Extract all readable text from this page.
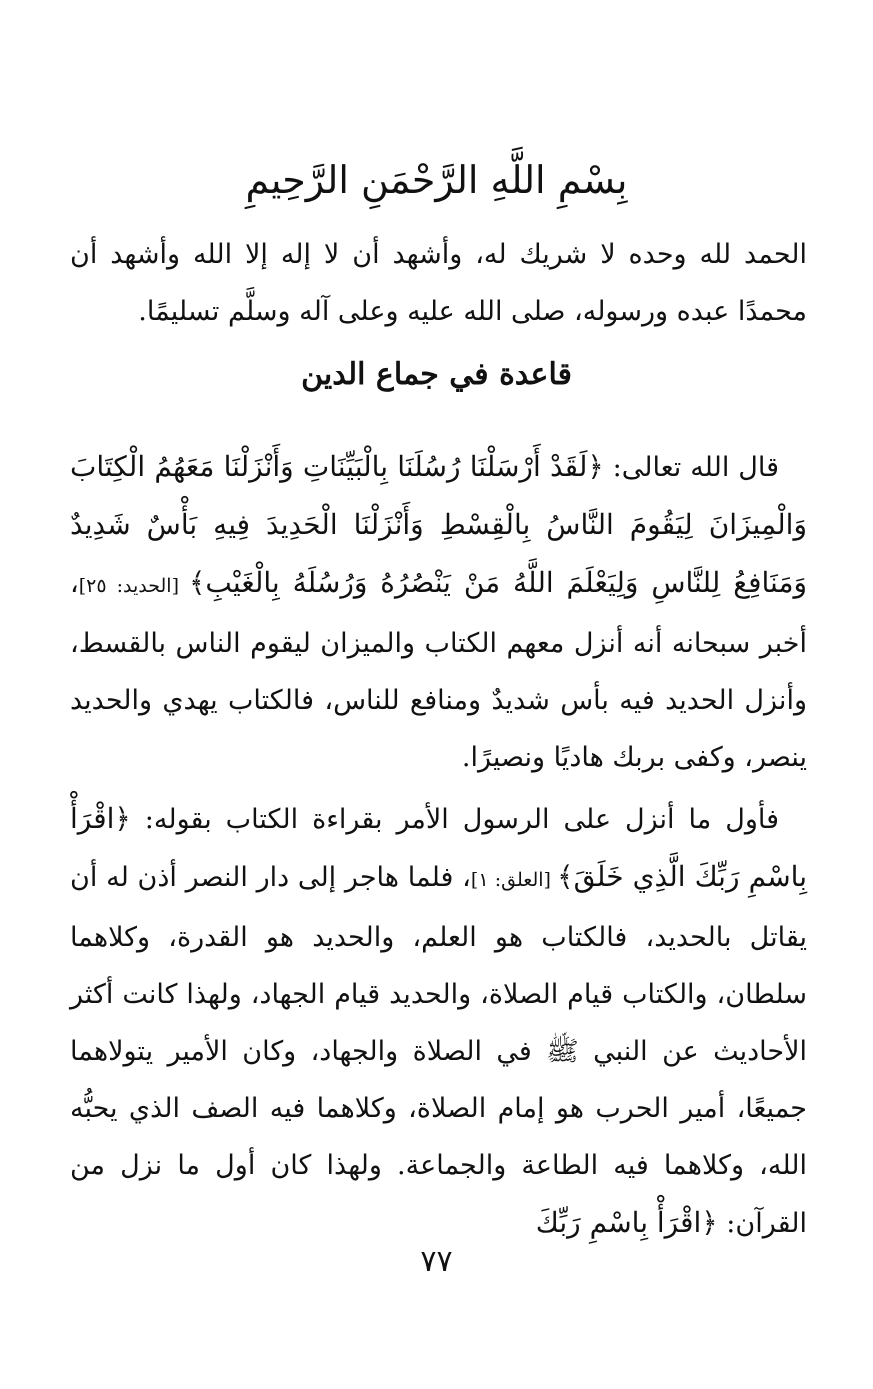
بِسْمِ اللَّهِ الرَّحْمَنِ الرَّحِيمِ
الحمد لله وحده لا شريك له، وأشهد أن لا إله إلا الله وأشهد أن محمدًا عبده ورسوله، صلى الله عليه وعلى آله وسلَّم تسليمًا.
قاعدة في جماع الدين
قال الله تعالى: ﴿لَقَدْ أَرْسَلْنَا رُسُلَنَا بِالْبَيِّنَاتِ وَأَنْزَلْنَا مَعَهُمُ الْكِتَابَ وَالْمِيزَانَ لِيَقُومَ النَّاسُ بِالْقِسْطِ وَأَنْزَلْنَا الْحَدِيدَ فِيهِ بَأْسٌ شَدِيدٌ وَمَنَافِعُ لِلنَّاسِ وَلِيَعْلَمَ اللَّهُ مَنْ يَنْصُرُهُ وَرُسُلَهُ بِالْغَيْبِ﴾ [الحديد: ٢٥]، أخبر سبحانه أنه أنزل معهم الكتاب والميزان ليقوم الناس بالقسط، وأنزل الحديد فيه بأس شديدٌ ومنافع للناس، فالكتاب يهدي والحديد ينصر، وكفى بربك هاديًا ونصيرًا.
فأول ما أنزل على الرسول الأمر بقراءة الكتاب بقوله: ﴿اقْرَأْ بِاسْمِ رَبِّكَ الَّذِي خَلَقَ﴾ [العلق: ١]، فلما هاجر إلى دار النصر أذن له أن يقاتل بالحديد، فالكتاب هو العلم، والحديد هو القدرة، وكلاهما سلطان، والكتاب قيام الصلاة، والحديد قيام الجهاد، ولهذا كانت أكثر الأحاديث عن النبي ﷺ في الصلاة والجهاد، وكان الأمير يتولاهما جميعًا، أمير الحرب هو إمام الصلاة، وكلاهما فيه الصف الذي يحبُّه الله، وكلاهما فيه الطاعة والجماعة. ولهذا كان أول ما نزل من القرآن: ﴿اقْرَأْ بِاسْمِ رَبِّكَ
٧٧
